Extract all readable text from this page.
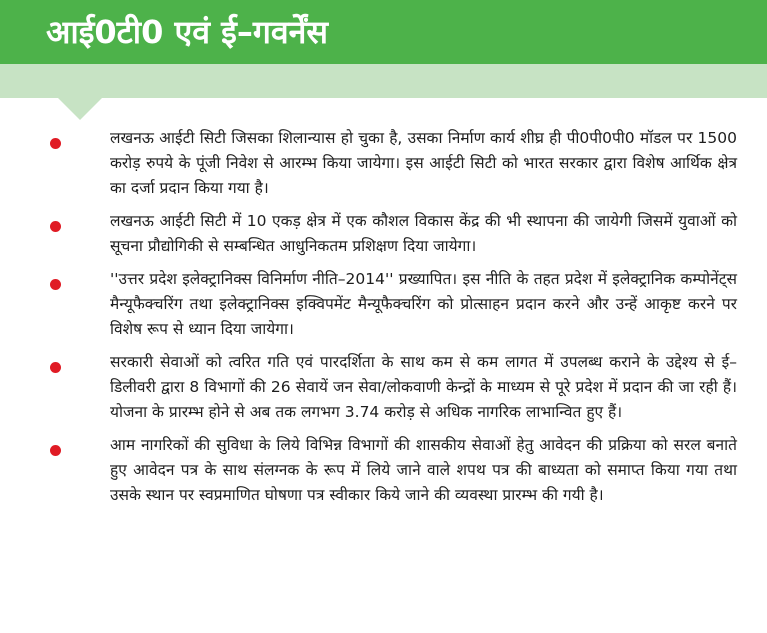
आई0टी0 एवं ई–गवर्नेंस

लखनऊ आईटी सिटी जिसका शिलान्यास हो चुका है, उसका निर्माण कार्य शीघ्र ही पी0पी0पी0 मॉडल पर 1500 करोड़ रुपये के पूंजी निवेश से आरम्भ किया जायेगा। इस आईटी सिटी को भारत सरकार द्वारा विशेष आर्थिक क्षेत्र का दर्जा प्रदान किया गया है।

लखनऊ आईटी सिटी में 10 एकड़ क्षेत्र में एक कौशल विकास केंद्र की भी स्थापना की जायेगी जिसमें युवाओं को सूचना प्रौद्योगिकी से सम्बन्धित आधुनिकतम प्रशिक्षण दिया जायेगा।

''उत्तर प्रदेश इलेक्ट्रानिक्स विनिर्माण नीति–2014'' प्रख्यापित। इस नीति के तहत प्रदेश में इलेक्ट्रानिक कम्पोनेंट्स मैन्यूफैक्चरिंग तथा इलेक्ट्रानिक्स इक्विपमेंट मैन्यूफैक्चरिंग को प्रोत्साहन प्रदान करने और उन्हें आकृष्ट करने पर विशेष रूप से ध्यान दिया जायेगा।

सरकारी सेवाओं को त्वरित गति एवं पारदर्शिता के साथ कम से कम लागत में उपलब्ध कराने के उद्देश्य से ई–डिलीवरी द्वारा 8 विभागों की 26 सेवायें जन सेवा/लोकवाणी केन्द्रों के माध्यम से पूरे प्रदेश में प्रदान की जा रही हैं। योजना के प्रारम्भ होने से अब तक लगभग 3.74 करोड़ से अधिक नागरिक लाभान्वित हुए हैं।

आम नागरिकों की सुविधा के लिये विभिन्न विभागों की शासकीय सेवाओं हेतु आवेदन की प्रक्रिया को सरल बनाते हुए आवेदन पत्र के साथ संलग्नक के रूप में लिये जाने वाले शपथ पत्र की बाध्यता को समाप्त किया गया तथा उसके स्थान पर स्वप्रमाणित घोषणा पत्र स्वीकार किये जाने की व्यवस्था प्रारम्भ की गयी है।
